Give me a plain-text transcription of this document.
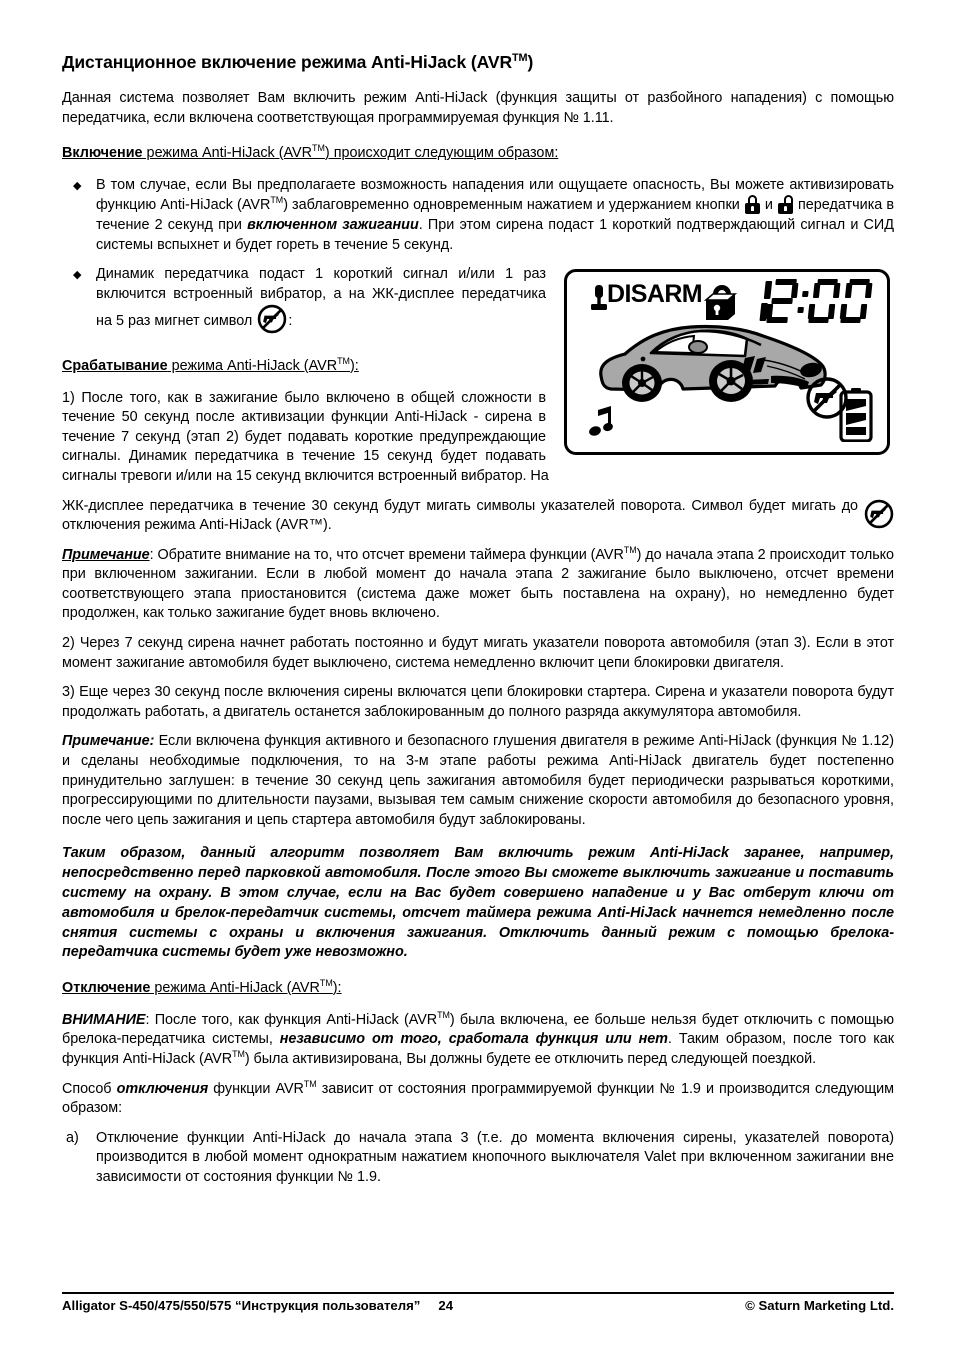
Дистанционное включение режима Anti-HiJack (AVR™)

Данная система позволяет Вам включить режим Anti-HiJack (функция защиты от разбойного нападения) с помощью передатчика, если включена соответствующая программируемая функция № 1.11.

Включение режима Anti-HiJack (AVR™) происходит следующим образом:
◆	В том случае, если Вы предполагаете возможность нападения или ощущаете опасность, Вы можете активизировать функцию Anti-HiJack (AVR™) заблаговременно одновременным нажатием и удержанием кнопки
и
передатчика в течение 2 секунд при включенном зажигании. При этом сирена подаст 1 короткий подтверждающий сигнал и СИД системы вспыхнет и будет гореть в течение 5 секунд.
DISARM
◆	Динамик передатчика подаст 1 короткий сигнал и/или 1 раз включится встроенный вибратор, а на ЖК-дисплее передатчика на 5 раз мигнет символ :
Срабатывание режима Anti-HiJack (AVR™):

1) После того, как в зажигание было включено в общей сложности в течение 50 секунд после активизации функции Anti-HiJack - сирена в течение 7 секунд (этап 2) будет подавать короткие предупреждающие сигналы. Динамик передатчика в течение 15 секунд будет подавать сигналы тревоги и/или на 15 секунд включится встроенный вибратор. На

ЖК-дисплее передатчика в течение 30 секунд будут мигать символы указателей поворота. Символ будет мигать до отключения режима Anti-HiJack (AVR™).

Примечание: Обратите внимание на то, что отсчет времени таймера функции (AVR™) до начала этапа 2 происходит только при включенном зажигании. Если в любой момент до начала этапа 2 зажигание было выключено, отсчет времени соответствующего этапа приостановится (система даже может быть поставлена на охрану), но немедленно будет продолжен, как только зажигание будет вновь включено.

2) Через 7 секунд сирена начнет работать постоянно и будут мигать указатели поворота автомобиля (этап 3). Если в этот момент зажигание автомобиля будет выключено, система немедленно включит цепи блокировки двигателя.

3) Еще через 30 секунд после включения сирены включатся цепи блокировки стартера. Сирена и указатели поворота будут продолжать работать, а двигатель останется заблокированным до полного разряда аккумулятора автомобиля.

Примечание: Если включена функция активного и безопасного глушения двигателя в режиме Anti-HiJack (функция № 1.12) и сделаны необходимые подключения, то на 3-м этапе работы режима Anti-HiJack двигатель будет постепенно принудительно заглушен: в течение 30 секунд цепь зажигания автомобиля будет периодически разрываться короткими, прогрессирующими по длительности паузами, вызывая тем самым снижение скорости автомобиля до безопасного уровня, после чего цепь зажигания и цепь стартера автомобиля будут заблокированы.

Таким образом, данный алгоритм позволяет Вам включить режим Anti-HiJack заранее, например, непосредственно перед парковкой автомобиля. После этого Вы сможете выключить зажигание и поставить систему на охрану. В этом случае, если на Вас будет совершено нападение и у Вас отберут ключи от автомобиля и брелок-передатчик системы, отсчет таймера режима Anti-HiJack начнется немедленно после снятия системы с охраны и включения зажигания. Отключить данный режим с помощью брелока-передатчика системы будет уже невозможно.
Отключение режима Anti-HiJack (AVR™):

ВНИМАНИЕ: После того, как функция Anti-HiJack (AVR™) была включена, ее больше нельзя будет отключить с помощью брелока-передатчика системы, независимо от того, сработала функция или нет. Таким образом, после того как функция Anti-HiJack (AVR™) была активизирована, Вы должны будете ее отключить перед следующей поездкой.

Способ отключения функции AVR™ зависит от состояния программируемой функции № 1.9 и производится следующим образом:

а)	Отключение функции Anti-HiJack до начала этапа 3 (т.е. до момента включения сирены, указателей поворота) производится в любой момент однократным нажатием кнопочного выключателя Valet при включенном зажигании вне зависимости от состояния функции № 1.9.
Alligator S-450/475/550/575 “Инструкция пользователя” 24	© Saturn Marketing Ltd.
